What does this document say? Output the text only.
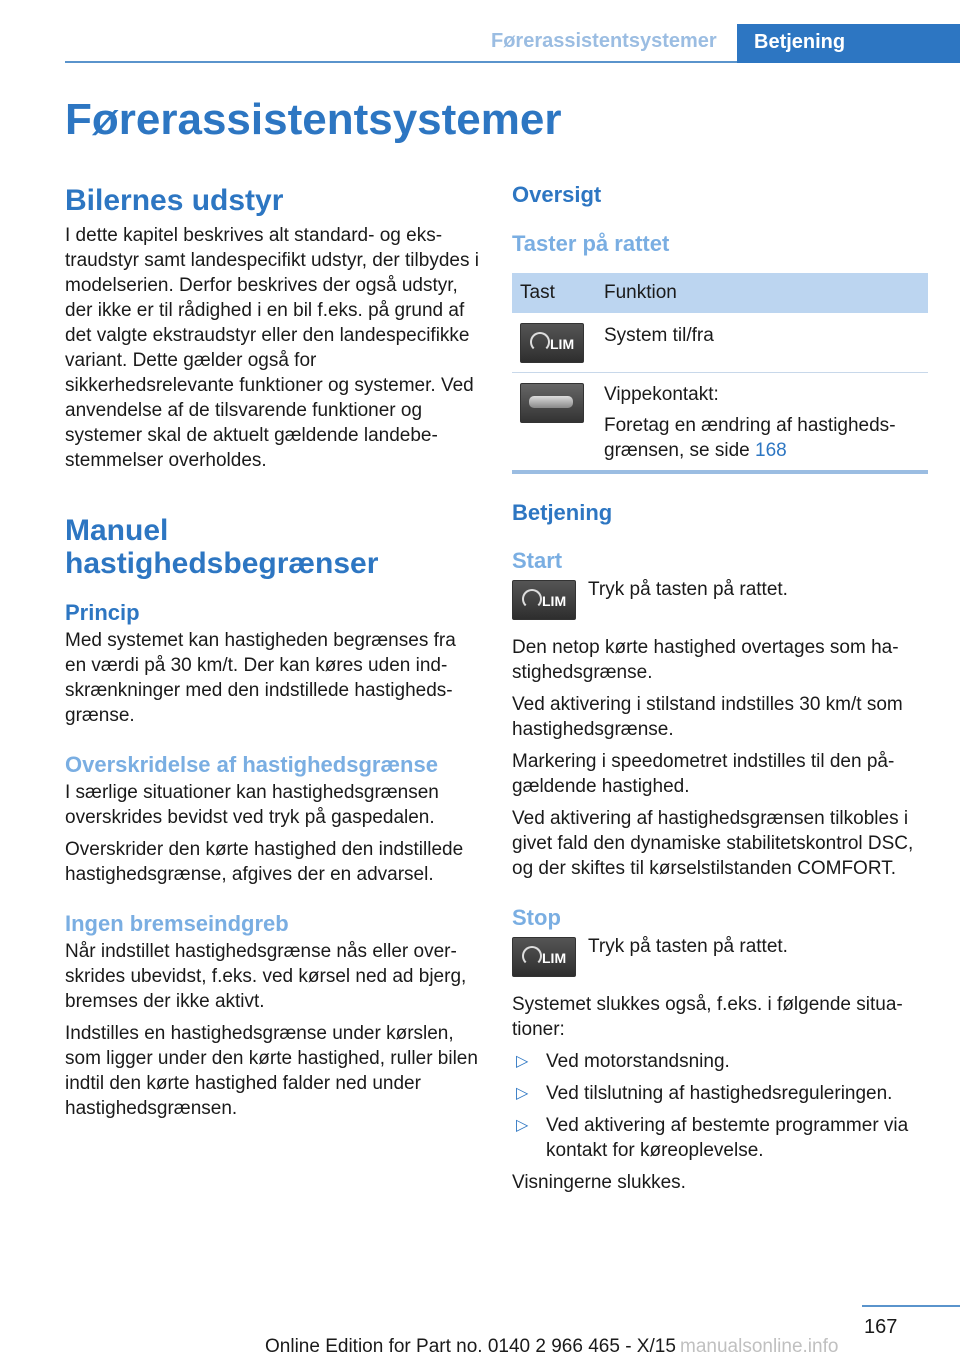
Førerassistentsystemer Betjening
Førerassistentsystemer
Bilernes udstyr

I dette kapitel beskrives alt standard- og ekstraudstyr samt landespecifikt udstyr, der tilbydes i modelserien. Derfor beskrives der også udstyr, der ikke er til rådighed i en bil f.eks. på grund af det valgte ekstraudstyr eller den landespecifikke variant. Dette gælder også for sikkerhedsrelevante funktioner og systemer. Ved anvendelse af de tilsvarende funktioner og systemer skal de aktuelt gældende landebestemmelser overholdes.

Manuel
hastighedsbegrænser
Princip

Med systemet kan hastigheden begrænses fra en værdi på 30 km/t. Der kan køres uden indskrænkninger med den indstillede hastighedsgrænse.

Overskridelse af hastighedsgrænse

I særlige situationer kan hastighedsgrænsen overskrides bevidst ved tryk på gaspedalen.

Overskrider den kørte hastighed den indstillede hastighedsgrænse, afgives der en advarsel.

Ingen bremseindgreb

Når indstillet hastighedsgrænse nås eller overskrides ubevidst, f.eks. ved kørsel ned ad bjerg, bremses der ikke aktivt.

Indstilles en hastighedsgrænse under kørslen, som ligger under den kørte hastighed, ruller bilen indtil den kørte hastighed falder ned under hastighedsgrænsen.

Oversigt
Taster på rattet
Tast	Funktion
LIM System til/fra

Vippekontakt:

Foretag en ændring af hastighedsgrænsen, se side 168

Betjening
Start
LIM

Tryk på tasten på rattet.

Den netop kørte hastighed overtages som hastighedsgrænse.

Ved aktivering i stilstand indstilles 30 km/t som hastighedsgrænse.

Markering i speedometret indstilles til den pågældende hastighed.

Ved aktivering af hastighedsgrænsen tilkobles i givet fald den dynamiske stabilitetskontrol DSC, og der skiftes til kørselstilstanden COMFORT.

Stop
LIM

Tryk på tasten på rattet.

Systemet slukkes også, f.eks. i følgende situationer:

▷ Ved motorstandsning.
▷ Ved tilslutning af hastighedsreguleringen.
▷ Ved aktivering af bestemte programmer via kontakt for køreoplevelse.

Visningerne slukkes.

167
Online Edition for Part no. 0140 2 966 465 - X/15 manualsonline.info
